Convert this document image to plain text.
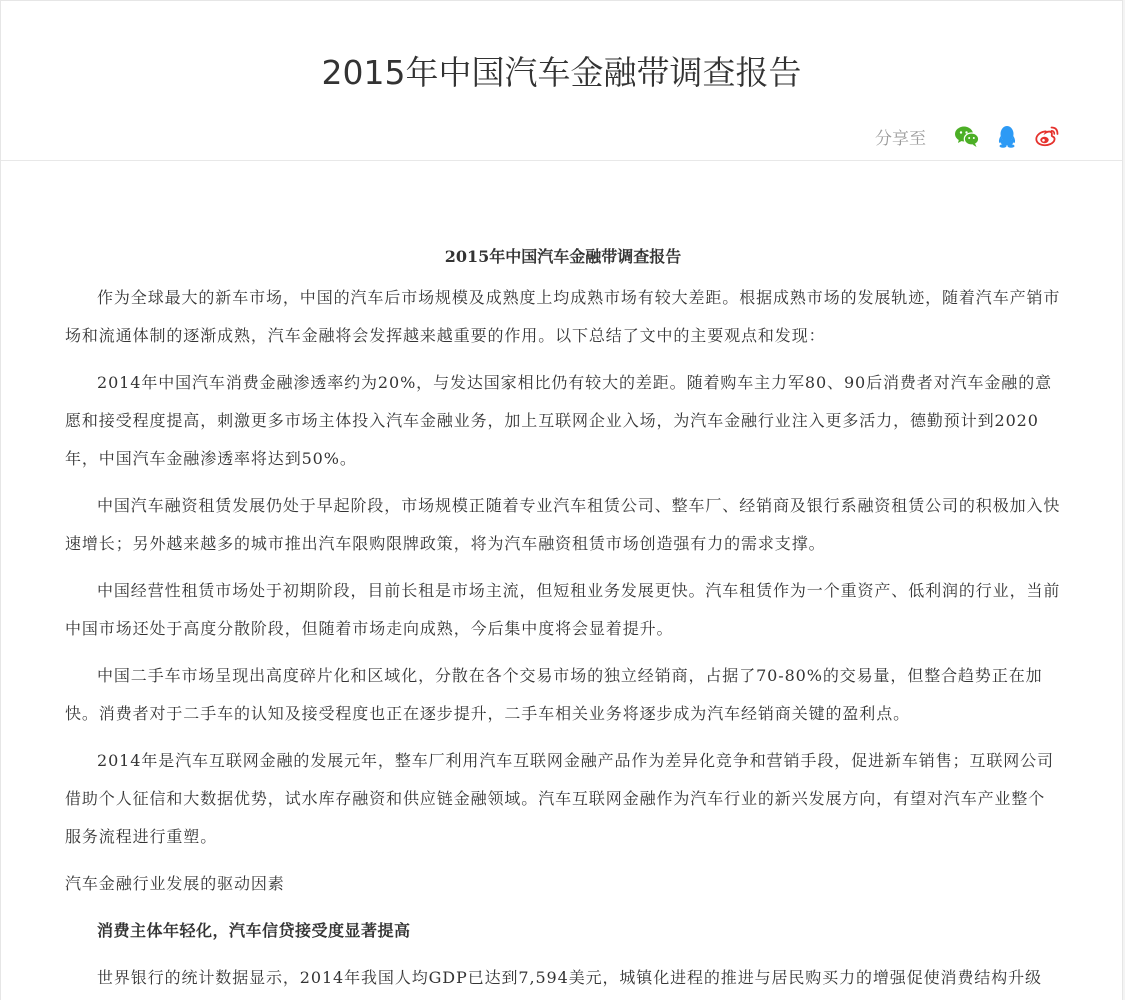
2015年中国汽车金融带调查报告
分享至
2015年中国汽车金融带调查报告

作为全球最大的新车市场，中国的汽车后市场规模及成熟度上均成熟市场有较大差距。根据成熟市场的发展轨迹，随着汽车产销市场和流通体制的逐渐成熟，汽车金融将会发挥越来越重要的作用。以下总结了文中的主要观点和发现：

2014年中国汽车消费金融渗透率约为20%，与发达国家相比仍有较大的差距。随着购车主力军80、90后消费者对汽车金融的意愿和接受程度提高，刺激更多市场主体投入汽车金融业务，加上互联网企业入场，为汽车金融行业注入更多活力，德勤预计到2020年，中国汽车金融渗透率将达到50%。

中国汽车融资租赁发展仍处于早起阶段，市场规模正随着专业汽车租赁公司、整车厂、经销商及银行系融资租赁公司的积极加入快速增长；另外越来越多的城市推出汽车限购限牌政策，将为汽车融资租赁市场创造强有力的需求支撑。

中国经营性租赁市场处于初期阶段，目前长租是市场主流，但短租业务发展更快。汽车租赁作为一个重资产、低利润的行业，当前中国市场还处于高度分散阶段，但随着市场走向成熟，今后集中度将会显着提升。

中国二手车市场呈现出高度碎片化和区域化，分散在各个交易市场的独立经销商，占据了70-80%的交易量，但整合趋势正在加快。消费者对于二手车的认知及接受程度也正在逐步提升，二手车相关业务将逐步成为汽车经销商关键的盈利点。

2014年是汽车互联网金融的发展元年，整车厂利用汽车互联网金融产品作为差异化竞争和营销手段，促进新车销售；互联网公司借助个人征信和大数据优势，试水库存融资和供应链金融领域。汽车互联网金融作为汽车行业的新兴发展方向，有望对汽车产业整个服务流程进行重塑。

汽车金融行业发展的驱动因素

消费主体年轻化，汽车信贷接受度显著提高

世界银行的统计数据显示，2014年我国人均GDP已达到7,594美元，城镇化进程的推进与居民购买力的增强促使消费结构升级
